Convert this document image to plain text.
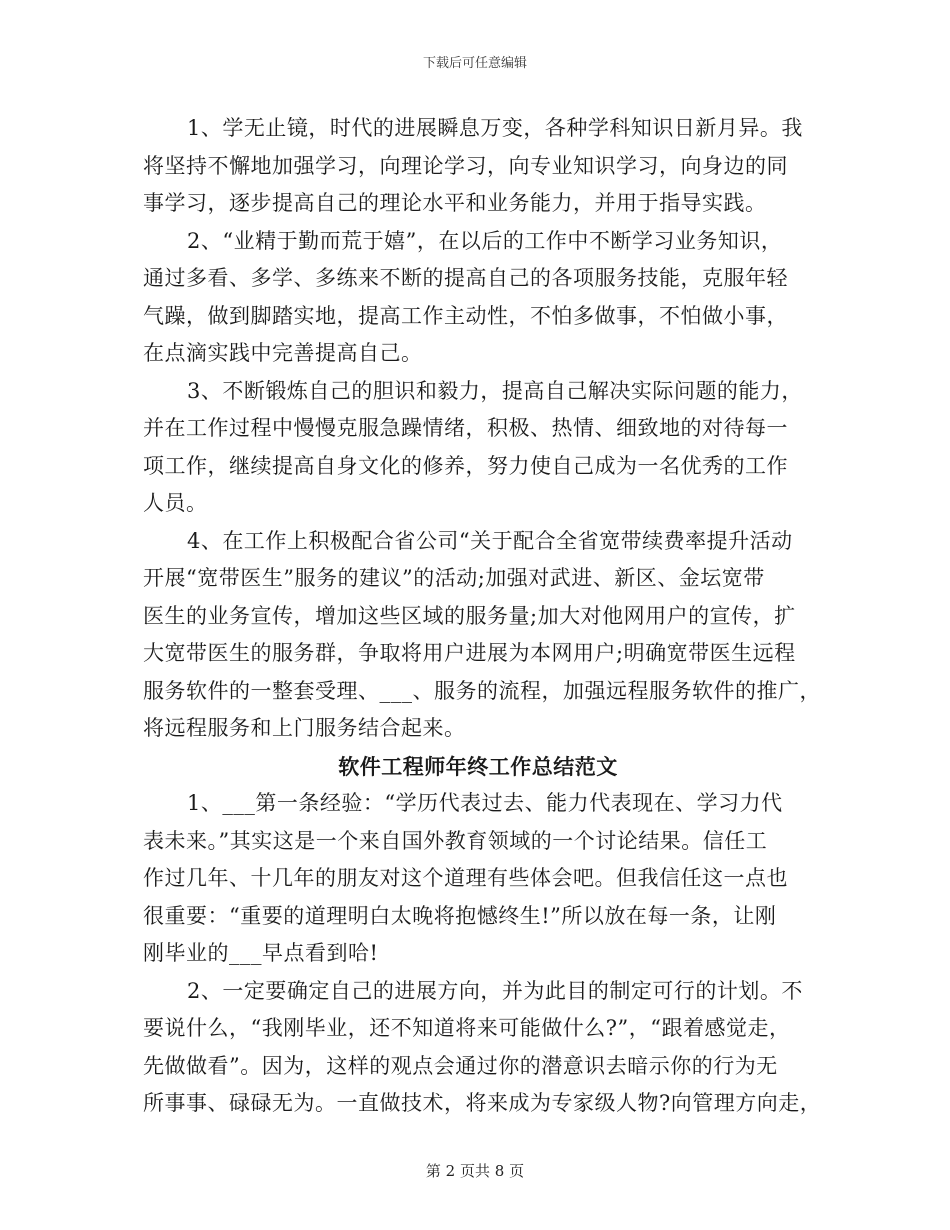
下载后可任意编辑

1、学无止镜，时代的进展瞬息万变，各种学科知识日新月异。我
将坚持不懈地加强学习，向理论学习，向专业知识学习，向身边的同
事学习，逐步提高自己的理论水平和业务能力，并用于指导实践。

2、“业精于勤而荒于嬉”，在以后的工作中不断学习业务知识，
通过多看、多学、多练来不断的提高自己的各项服务技能，克服年轻
气躁，做到脚踏实地，提高工作主动性，不怕多做事，不怕做小事，
在点滴实践中完善提高自己。

3、不断锻炼自己的胆识和毅力，提高自己解决实际问题的能力，
并在工作过程中慢慢克服急躁情绪，积极、热情、细致地的对待每一
项工作，继续提高自身文化的修养，努力使自己成为一名优秀的工作
人员。

4、在工作上积极配合省公司“关于配合全省宽带续费率提升活动
开展“宽带医生”服务的建议”的活动;加强对武进、新区、金坛宽带
医生的业务宣传，增加这些区域的服务量;加大对他网用户的宣传，扩
大宽带医生的服务群，争取将用户进展为本网用户;明确宽带医生远程
服务软件的一整套受理、___、服务的流程，加强远程服务软件的推广，
将远程服务和上门服务结合起来。

软件工程师年终工作总结范文

1、___第一条经验：“学历代表过去、能力代表现在、学习力代
表未来。”其实这是一个来自国外教育领域的一个讨论结果。信任工
作过几年、十几年的朋友对这个道理有些体会吧。但我信任这一点也
很重要：“重要的道理明白太晚将抱憾终生!”所以放在每一条，让刚
刚毕业的___早点看到哈!

2、一定要确定自己的进展方向，并为此目的制定可行的计划。不
要说什么，“我刚毕业，还不知道将来可能做什么?”，“跟着感觉走，
先做做看”。因为，这样的观点会通过你的潜意识去暗示你的行为无
所事事、碌碌无为。一直做技术，将来成为专家级人物?向管理方向走，

第 2 页共 8 页
